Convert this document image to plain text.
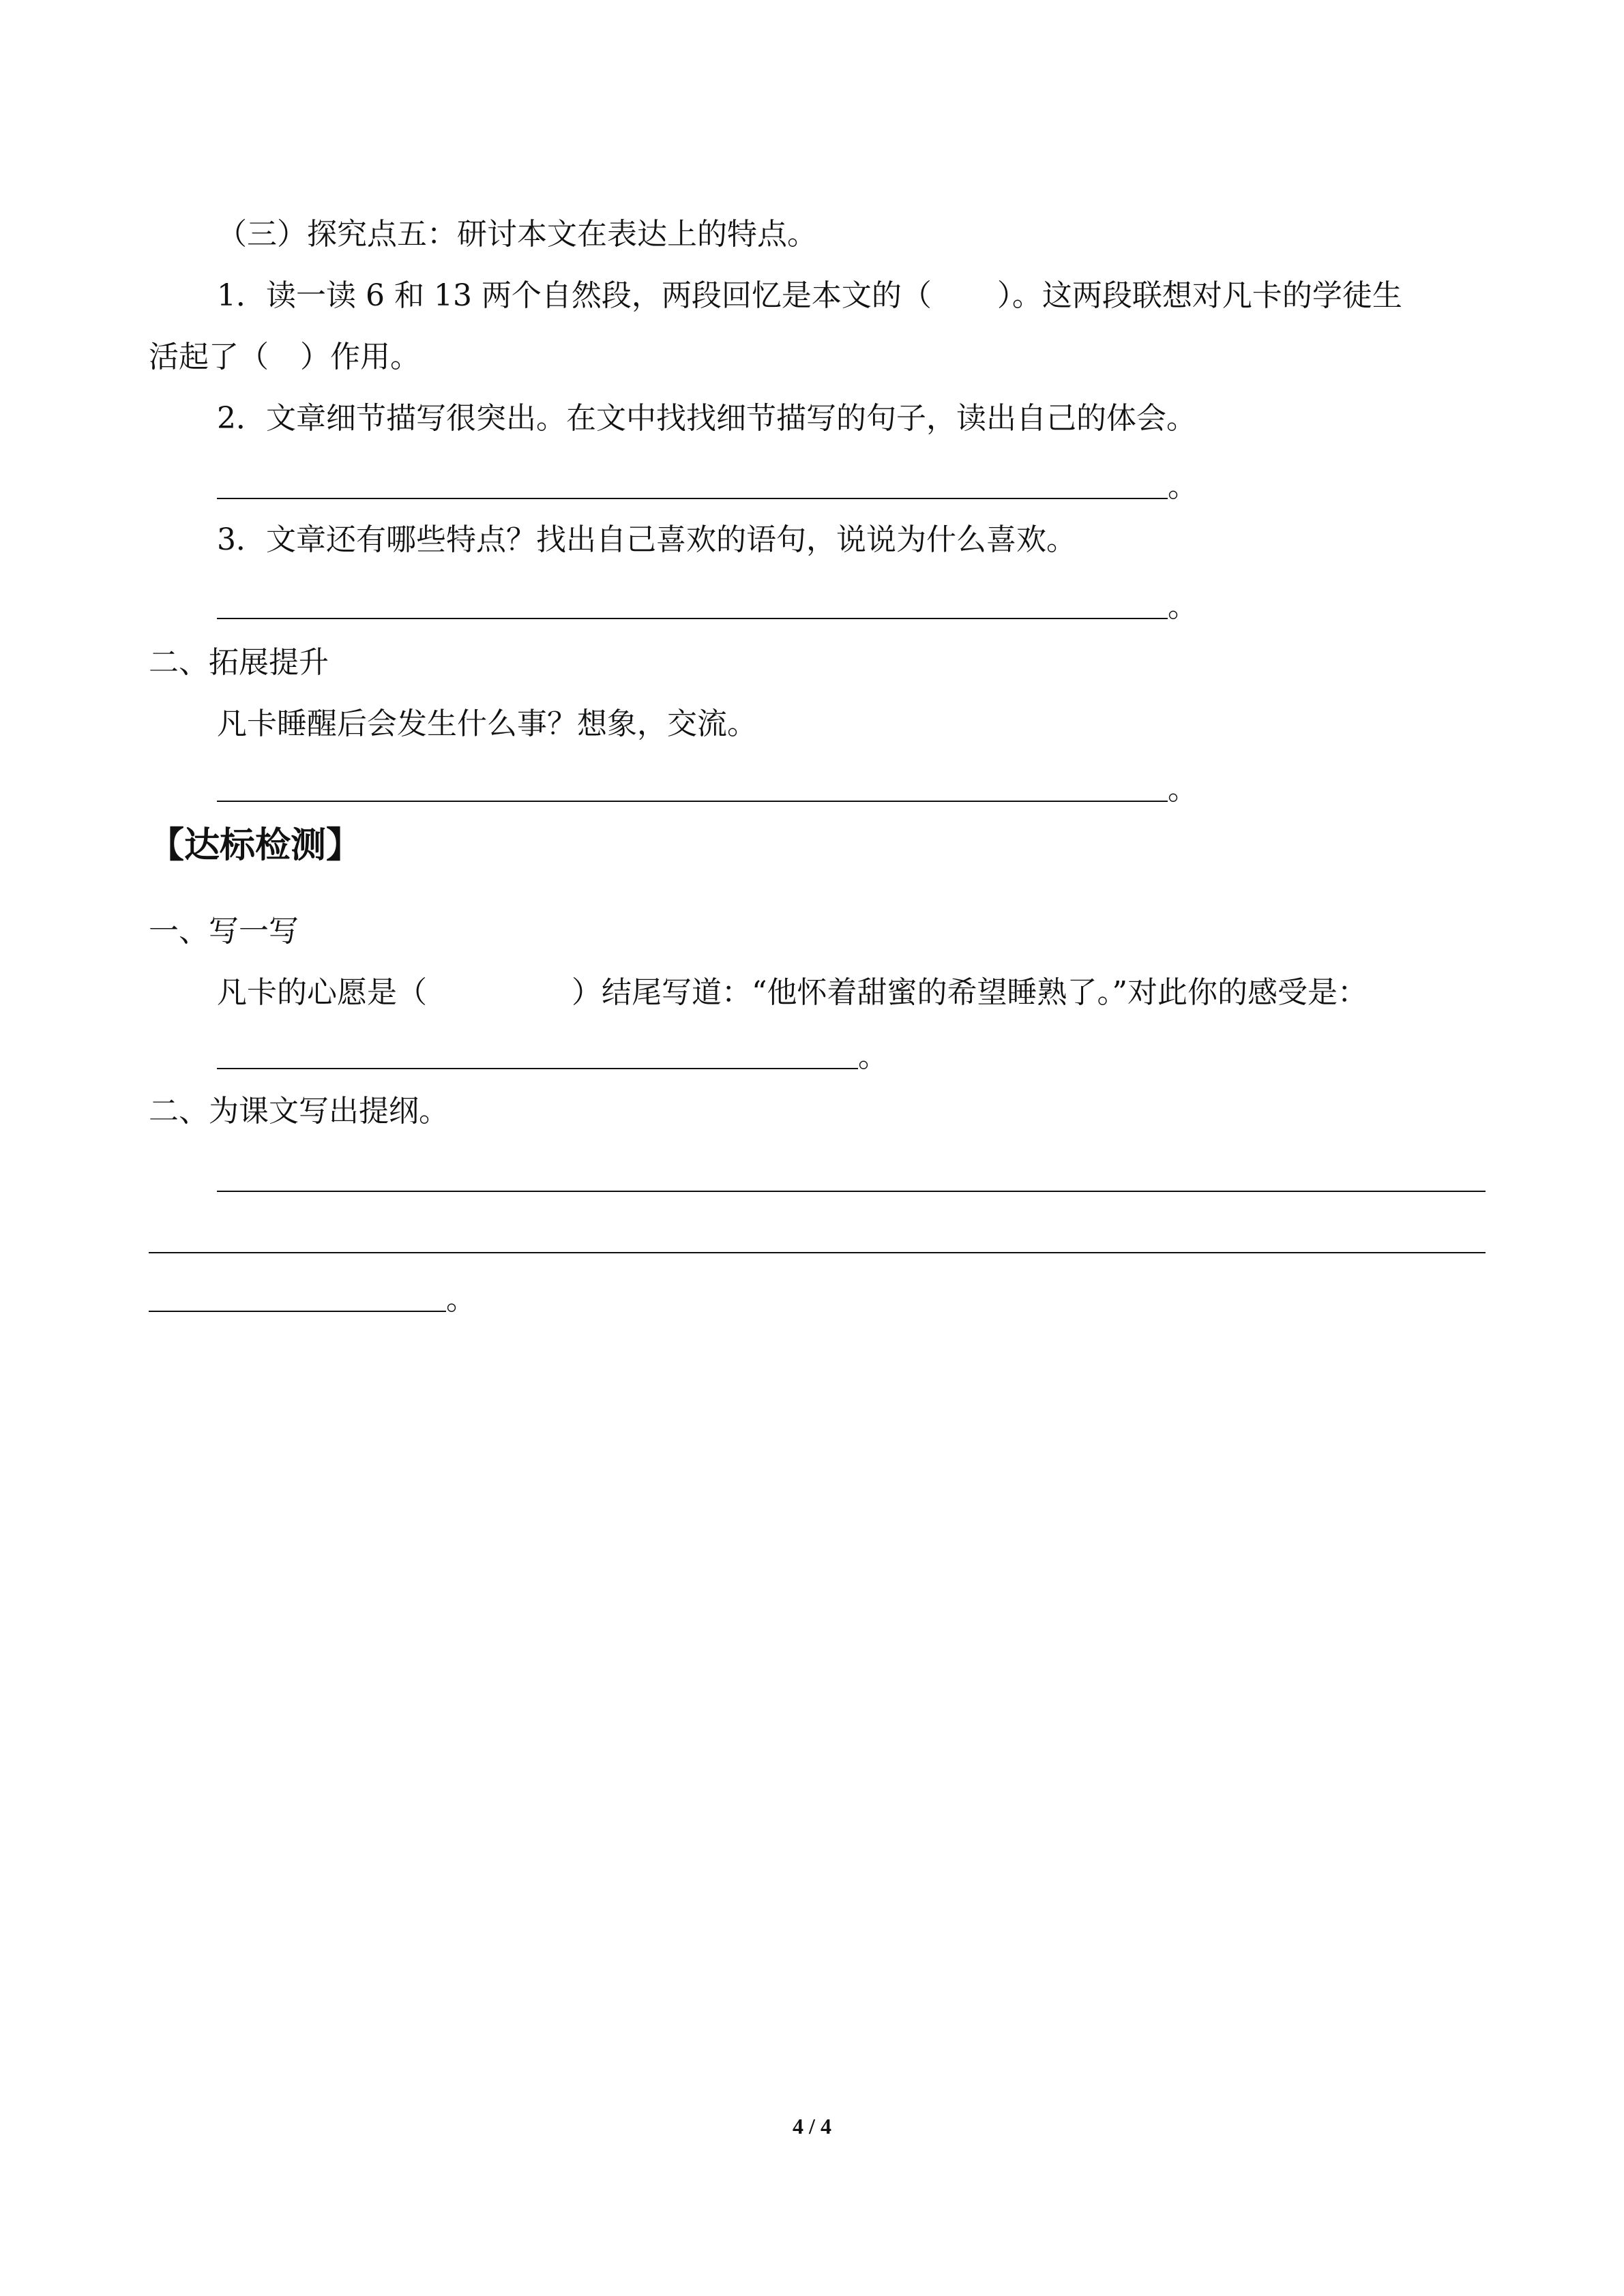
（三）探究点五：研讨本文在表达上的特点。
1．读一读 6 和 13 两个自然段，两段回忆是本文的（ ）。这两段联想对凡卡的学徒生
活起了（ ）作用。
2．文章细节描写很突出。在文中找找细节描写的句子，读出自己的体会。
。
3．文章还有哪些特点？找出自己喜欢的语句，说说为什么喜欢。
。
二、拓展提升
凡卡睡醒后会发生什么事？想象，交流。
。
【达标检测】
一、写一写
凡卡的心愿是（	）结尾写道：“他怀着甜蜜的希望睡熟了。”对此你的感受是：
。
二、为课文写出提纲。
。
4 / 4
